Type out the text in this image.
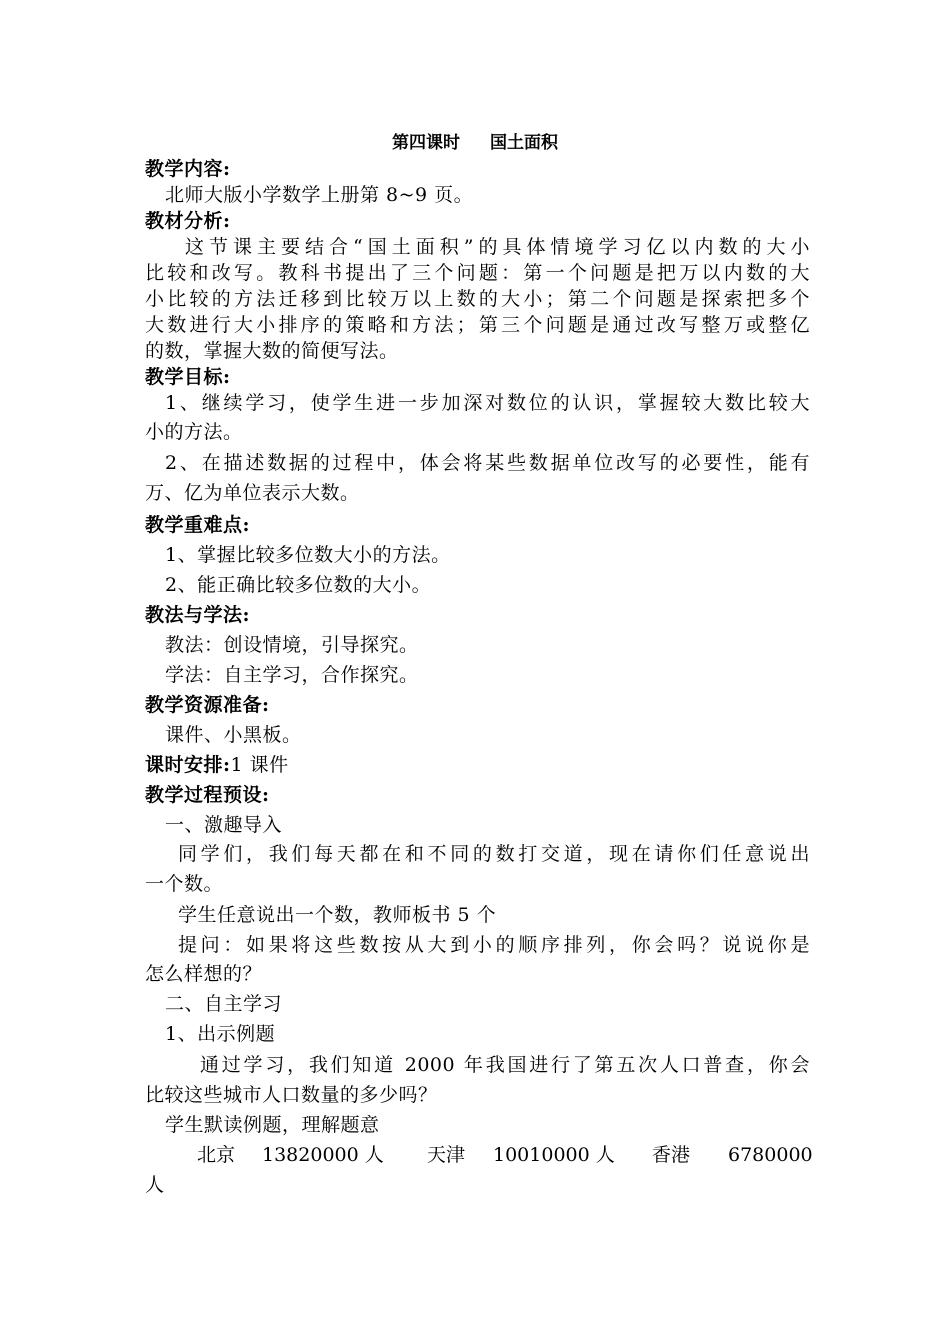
第四课时 国土面积
教学内容:
北师大版小学数学上册第 8~9 页。
教材分析:
这节课主要结合“国土面积”的具体情境学习亿以内数的大小
比较和改写。教科书提出了三个问题：第一个问题是把万以内数的大
小比较的方法迁移到比较万以上数的大小；第二个问题是探索把多个
大数进行大小排序的策略和方法；第三个问题是通过改写整万或整亿
的数，掌握大数的简便写法。
教学目标:
1、继续学习，使学生进一步加深对数位的认识，掌握较大数比较大
小的方法。
2、在描述数据的过程中，体会将某些数据单位改写的必要性，能有
万、亿为单位表示大数。
教学重难点:
1、掌握比较多位数大小的方法。
2、能正确比较多位数的大小。
教法与学法:
教法：创设情境，引导探究。
学法：自主学习，合作探究。
教学资源准备:
课件、小黑板。
课时安排:1 课件
教学过程预设:
一、激趣导入
同学们，我们每天都在和不同的数打交道，现在请你们任意说出
一个数。
学生任意说出一个数，教师板书 5 个
提问：如果将这些数按从大到小的顺序排列，你会吗？说说你是
怎么样想的？
二、自主学习
1、出示例题
通过学习，我们知道 2000 年我国进行了第五次人口普查，你会
比较这些城市人口数量的多少吗？
学生默读例题，理解题意
北京 13820000 人 天津 10010000 人 香港 6780000
人
